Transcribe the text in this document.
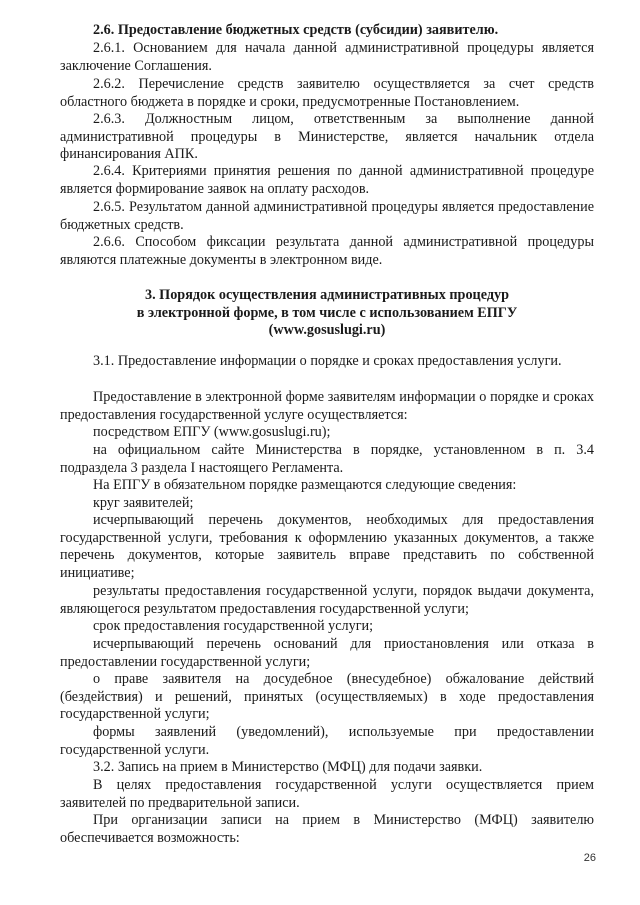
2.6. Предоставление бюджетных средств (субсидии) заявителю.

2.6.1. Основанием для начала данной административной процедуры является заключение Соглашения.

2.6.2. Перечисление средств заявителю осуществляется за счет средств областного бюджета в порядке и сроки, предусмотренные Постановлением.

2.6.3. Должностным лицом, ответственным за выполнение данной административной процедуры в Министерстве, является начальник отдела финансирования АПК.

2.6.4. Критериями принятия решения по данной административной процедуре является формирование заявок на оплату расходов.

2.6.5. Результатом данной административной процедуры является предоставление бюджетных средств.

2.6.6. Способом фиксации результата данной административной процедуры являются платежные документы в электронном виде.

3. Порядок осуществления административных процедур

в электронной форме, в том числе с использованием ЕПГУ

(www.gosuslugi.ru)

3.1. Предоставление информации о порядке и сроках предоставления услуги.

Предоставление в электронной форме заявителям информации о порядке и сроках предоставления государственной услуге осуществляется:

посредством ЕПГУ (www.gosuslugi.ru);

на официальном сайте Министерства в порядке, установленном в п. 3.4 подраздела 3 раздела I настоящего Регламента.

На ЕПГУ в обязательном порядке размещаются следующие сведения:

круг заявителей;

исчерпывающий перечень документов, необходимых для предоставления государственной услуги, требования к оформлению указанных документов, а также перечень документов, которые заявитель вправе представить по собственной инициативе;

результаты предоставления государственной услуги, порядок выдачи документа, являющегося результатом предоставления государственной услуги;

срок предоставления государственной услуги;

исчерпывающий перечень оснований для приостановления или отказа в предоставлении государственной услуги;

о праве заявителя на досудебное (внесудебное) обжалование действий (бездействия) и решений, принятых (осуществляемых) в ходе предоставления государственной услуги;

формы заявлений (уведомлений), используемые при предоставлении государственной услуги.

3.2. Запись на прием в Министерство (МФЦ) для подачи заявки.

В целях предоставления государственной услуги осуществляется прием заявителей по предварительной записи.

При организации записи на прием в Министерство (МФЦ) заявителю обеспечивается возможность:

26
